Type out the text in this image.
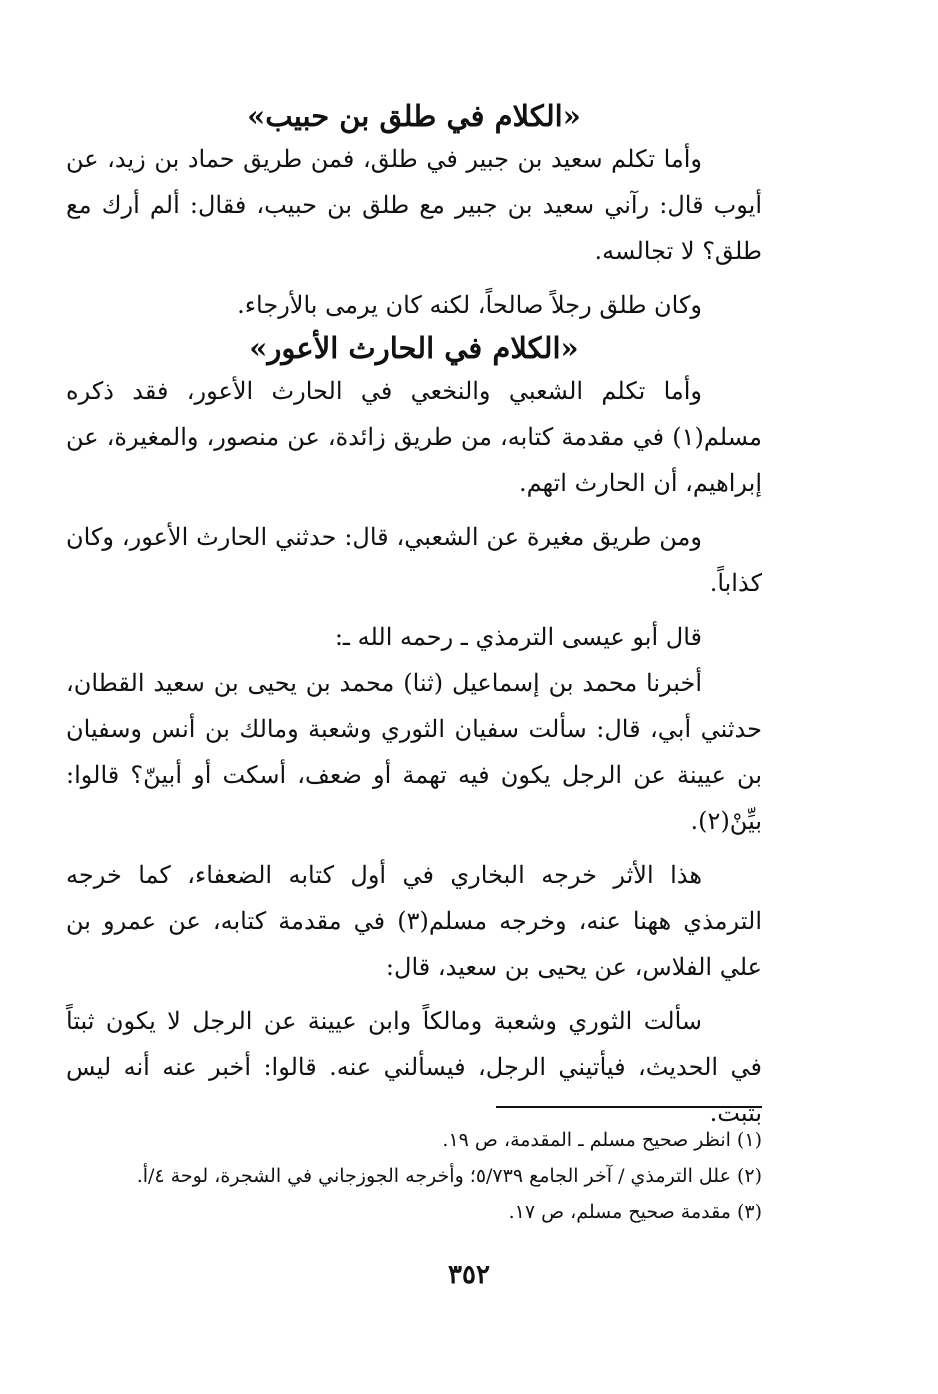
«الكلام في طلق بن حبيب»

وأما تكلم سعيد بن جبير في طلق، فمن طريق حماد بن زيد، عن أيوب قال: رآني سعيد بن جبير مع طلق بن حبيب، فقال: ألم أرك مع طلق؟ لا تجالسه.

وكان طلق رجلاً صالحاً، لكنه كان يرمى بالأرجاء.

«الكلام في الحارث الأعور»

وأما تكلم الشعبي والنخعي في الحارث الأعور، فقد ذكره مسلم(١) في مقدمة كتابه، من طريق زائدة، عن منصور، والمغيرة، عن إبراهيم، أن الحارث اتهم.

ومن طريق مغيرة عن الشعبي، قال: حدثني الحارث الأعور، وكان كذاباً.

قال أبو عيسى الترمذي ـ رحمه الله ـ:

أخبرنا محمد بن إسماعيل (ثنا) محمد بن يحيى بن سعيد القطان، حدثني أبي، قال: سألت سفيان الثوري وشعبة ومالك بن أنس وسفيان بن عيينة عن الرجل يكون فيه تهمة أو ضعف، أسكت أو أبينّ؟ قالوا: بيِّنْ(٢).

هذا الأثر خرجه البخاري في أول كتابه الضعفاء، كما خرجه الترمذي ههنا عنه، وخرجه مسلم(٣) في مقدمة كتابه، عن عمرو بن علي الفلاس، عن يحيى بن سعيد، قال:

سألت الثوري وشعبة ومالكاً وابن عيينة عن الرجل لا يكون ثبتاً في الحديث، فيأتيني الرجل، فيسألني عنه. قالوا: أخبر عنه أنه ليس بثبت.

(١) انظر صحيح مسلم ـ المقدمة، ص ١٩.

(٢) علل الترمذي / آخر الجامع ٥/٧٣٩؛ وأخرجه الجوزجاني في الشجرة، لوحة ٤/أ.

(٣) مقدمة صحيح مسلم، ص ١٧.

٣٥٢
